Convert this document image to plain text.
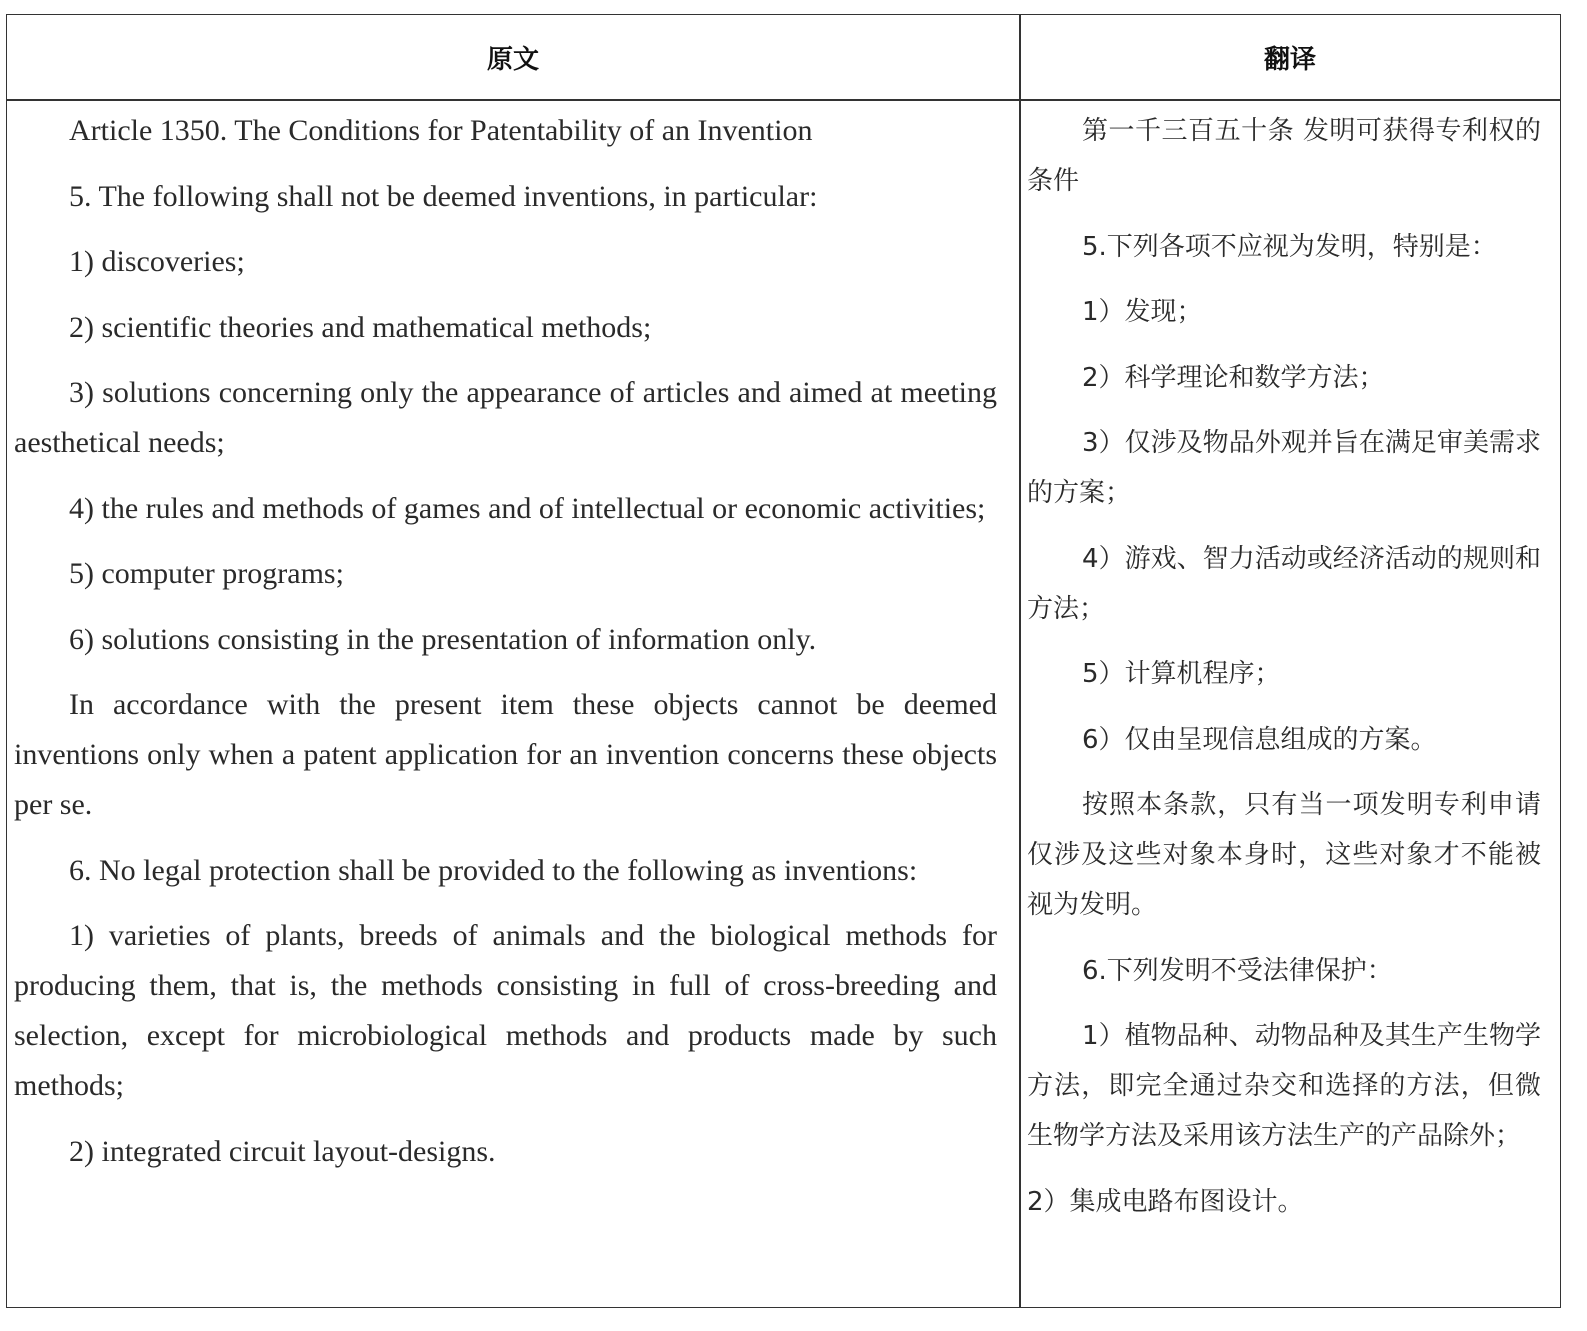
原文	翻译

Article 1350. The Conditions for Patentability of an Invention

5. The following shall not be deemed inventions, in particular:

1) discoveries;

2) scientific theories and mathematical methods;

3) solutions concerning only the appearance of articles and aimed at meeting aesthetical needs;

4) the rules and methods of games and of intellectual or economic activities;

5) computer programs;

6) solutions consisting in the presentation of information only.

In accordance with the present item these objects cannot be deemed inventions only when a patent application for an invention concerns these objects per se.

6. No legal protection shall be provided to the following as inventions:

1) varieties of plants, breeds of animals and the biological methods for producing them, that is, the methods consisting in full of cross-breeding and selection, except for microbiological methods and products made by such methods;

2) integrated circuit layout-designs.

第一千三百五十条 发明可获得专利权的条件

5.下列各项不应视为发明，特别是：

1）发现；

2）科学理论和数学方法；

3）仅涉及物品外观并旨在满足审美需求的方案；

4）游戏、智力活动或经济活动的规则和方法；

5）计算机程序；

6）仅由呈现信息组成的方案。

按照本条款，只有当一项发明专利申请仅涉及这些对象本身时，这些对象才不能被视为发明。

6.下列发明不受法律保护：

1）植物品种、动物品种及其生产生物学方法，即完全通过杂交和选择的方法，但微生物学方法及采用该方法生产的产品除外；

2）集成电路布图设计。
